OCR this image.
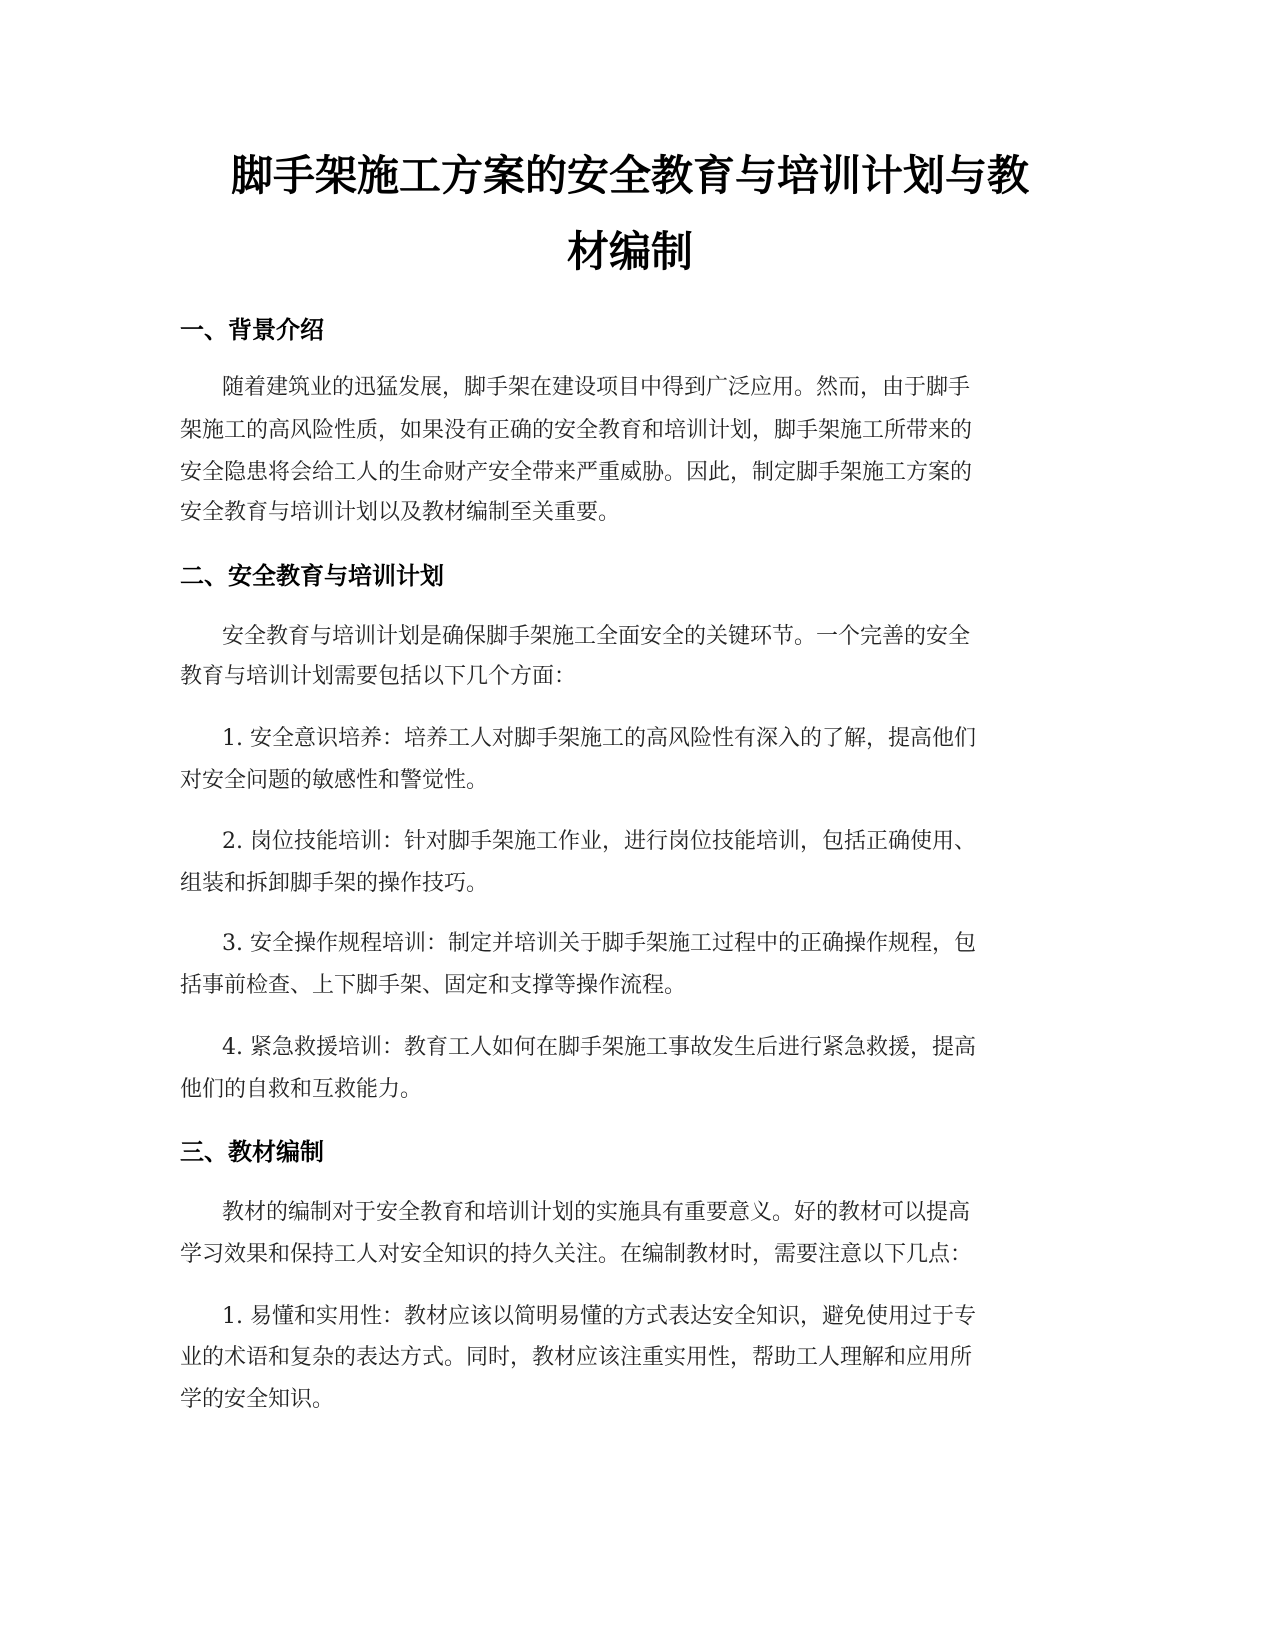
脚手架施工方案的安全教育与培训计划与教
材编制
一、背景介绍

随着建筑业的迅猛发展，脚手架在建设项目中得到广泛应用。然而，由于脚手

架施工的高风险性质，如果没有正确的安全教育和培训计划，脚手架施工所带来的

安全隐患将会给工人的生命财产安全带来严重威胁。因此，制定脚手架施工方案的

安全教育与培训计划以及教材编制至关重要。

二、安全教育与培训计划

安全教育与培训计划是确保脚手架施工全面安全的关键环节。一个完善的安全

教育与培训计划需要包括以下几个方面：

1. 安全意识培养：培养工人对脚手架施工的高风险性有深入的了解，提高他们

对安全问题的敏感性和警觉性。

2. 岗位技能培训：针对脚手架施工作业，进行岗位技能培训，包括正确使用、

组装和拆卸脚手架的操作技巧。

3. 安全操作规程培训：制定并培训关于脚手架施工过程中的正确操作规程，包

括事前检查、上下脚手架、固定和支撑等操作流程。

4. 紧急救援培训：教育工人如何在脚手架施工事故发生后进行紧急救援，提高

他们的自救和互救能力。

三、教材编制

教材的编制对于安全教育和培训计划的实施具有重要意义。好的教材可以提高

学习效果和保持工人对安全知识的持久关注。在编制教材时，需要注意以下几点：

1. 易懂和实用性：教材应该以简明易懂的方式表达安全知识，避免使用过于专

业的术语和复杂的表达方式。同时，教材应该注重实用性，帮助工人理解和应用所

学的安全知识。
